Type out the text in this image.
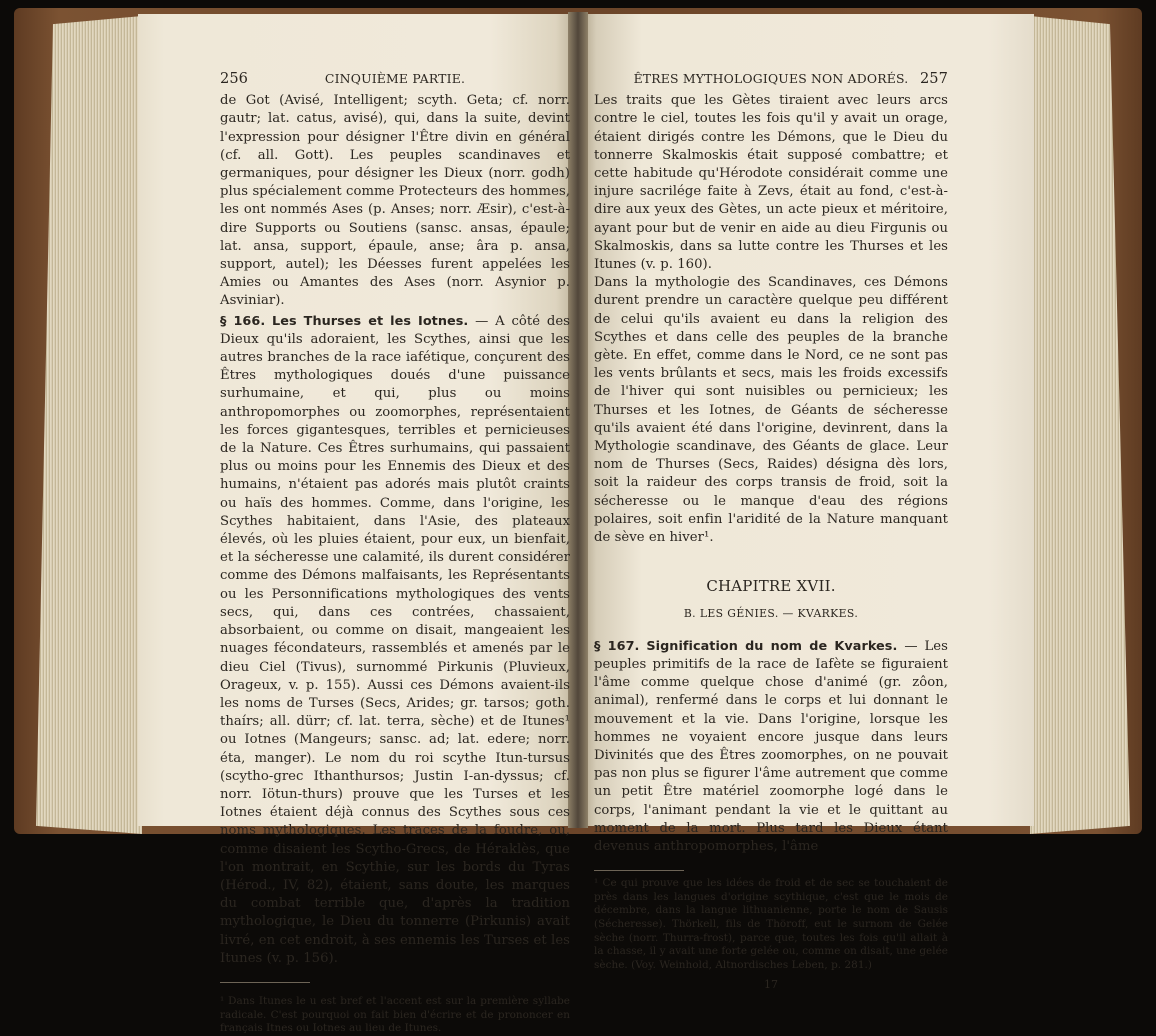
256	CINQUIÈME PARTIE.

de Got (Avisé, Intelligent; scyth. Geta; cf. norr. gautr; lat. catus, avisé), qui, dans la suite, devint l'expression pour désigner l'Être divin en général (cf. all. Gott). Les peuples scandinaves et germaniques, pour désigner les Dieux (norr. godh) plus spécialement comme Protecteurs des hommes, les ont nommés Ases (p. Anses; norr. Æsir), c'est-à-dire Supports ou Soutiens (sansc. ansas, épaule; lat. ansa, support, épaule, anse; âra p. ansa, support, autel); les Déesses furent appelées les Amies ou Amantes des Ases (norr. Asynior p. Asviniar).

§ 166. Les Thurses et les Iotnes. — A côté des Dieux qu'ils adoraient, les Scythes, ainsi que les autres branches de la race iafétique, conçurent des Êtres mythologiques doués d'une puissance surhumaine, et qui, plus ou moins anthropomorphes ou zoomorphes, représentaient les forces gigantesques, terribles et pernicieuses de la Nature. Ces Êtres surhumains, qui passaient plus ou moins pour les Ennemis des Dieux et des humains, n'étaient pas adorés mais plutôt craints ou haïs des hommes. Comme, dans l'origine, les Scythes habitaient, dans l'Asie, des plateaux élevés, où les pluies étaient, pour eux, un bienfait, et la sécheresse une calamité, ils durent considérer comme des Démons malfaisants, les Représentants ou les Personnifications mythologiques des vents secs, qui, dans ces contrées, chassaient, absorbaient, ou comme on disait, mangeaient les nuages fécondateurs, rassemblés et amenés par le dieu Ciel (Tivus), surnommé Pirkunis (Pluvieux, Orageux, v. p. 155). Aussi ces Démons avaient-ils les noms de Turses (Secs, Arides; gr. tarsos; goth. thaírs; all. dürr; cf. lat. terra, sèche) et de Itunes¹ ou Iotnes (Mangeurs; sansc. ad; lat. edere; norr. éta, manger). Le nom du roi scythe Itun-tursus (scytho-grec Ithanthursos; Justin I-an-dyssus; cf. norr. Iötun-thurs) prouve que les Turses et les Iotnes étaient déjà connus des Scythes sous ces noms mythologiques. Les traces de la foudre, ou, comme disaient les Scytho-Grecs, de Héraklès, que l'on montrait, en Scythie, sur les bords du Tyras (Hérod., IV, 82), étaient, sans doute, les marques du combat terrible que, d'après la tradition mythologique, le Dieu du tonnerre (Pirkunis) avait livré, en cet endroit, à ses ennemis les Turses et les Itunes (v. p. 156).

¹ Dans Itunes le u est bref et l'accent est sur la première syllabe radicale. C'est pourquoi on fait bien d'écrire et de prononcer en français Itnes ou Iotnes au lieu de Itunes.

ÊTRES MYTHOLOGIQUES NON ADORÉS. 257

Les traits que les Gètes tiraient avec leurs arcs contre le ciel, toutes les fois qu'il y avait un orage, étaient dirigés contre les Démons, que le Dieu du tonnerre Skalmoskis était supposé combattre; et cette habitude qu'Hérodote considérait comme une injure sacrilége faite à Zevs, était au fond, c'est-à-dire aux yeux des Gètes, un acte pieux et méritoire, ayant pour but de venir en aide au dieu Firgunis ou Skalmoskis, dans sa lutte contre les Thurses et les Itunes (v. p. 160).

Dans la mythologie des Scandinaves, ces Démons durent prendre un caractère quelque peu différent de celui qu'ils avaient eu dans la religion des Scythes et dans celle des peuples de la branche gète. En effet, comme dans le Nord, ce ne sont pas les vents brûlants et secs, mais les froids excessifs de l'hiver qui sont nuisibles ou pernicieux; les Thurses et les Iotnes, de Géants de sécheresse qu'ils avaient été dans l'origine, devinrent, dans la Mythologie scandinave, des Géants de glace. Leur nom de Thurses (Secs, Raides) désigna dès lors, soit la raideur des corps transis de froid, soit la sécheresse ou le manque d'eau des régions polaires, soit enfin l'aridité de la Nature manquant de sève en hiver¹.

CHAPITRE XVII.
B. LES GÉNIES. — KVARKES.

§ 167. Signification du nom de Kvarkes. — Les peuples primitifs de la race de Iafète se figuraient l'âme comme quelque chose d'animé (gr. zôon, animal), renfermé dans le corps et lui donnant le mouvement et la vie. Dans l'origine, lorsque les hommes ne voyaient encore jusque dans leurs Divinités que des Êtres zoomorphes, on ne pouvait pas non plus se figurer l'âme autrement que comme un petit Être matériel zoomorphe logé dans le corps, l'animant pendant la vie et le quittant au moment de la mort. Plus tard les Dieux étant devenus anthropomorphes, l'âme

¹ Ce qui prouve que les idées de froid et de sec se touchaient de près dans les langues d'origine scythique, c'est que le mois de décembre, dans la langue lithuanienne, porte le nom de Sausis (Sécheresse). Thörkell, fils de Thöroff, eut le surnom de Gelée sèche (norr. Thurra-frost), parce que, toutes les fois qu'il allait à la chasse, il y avait une forte gelée ou, comme on disait, une gelée sèche. (Voy. Weinhold, Altnordisches Leben, p. 281.)

17
